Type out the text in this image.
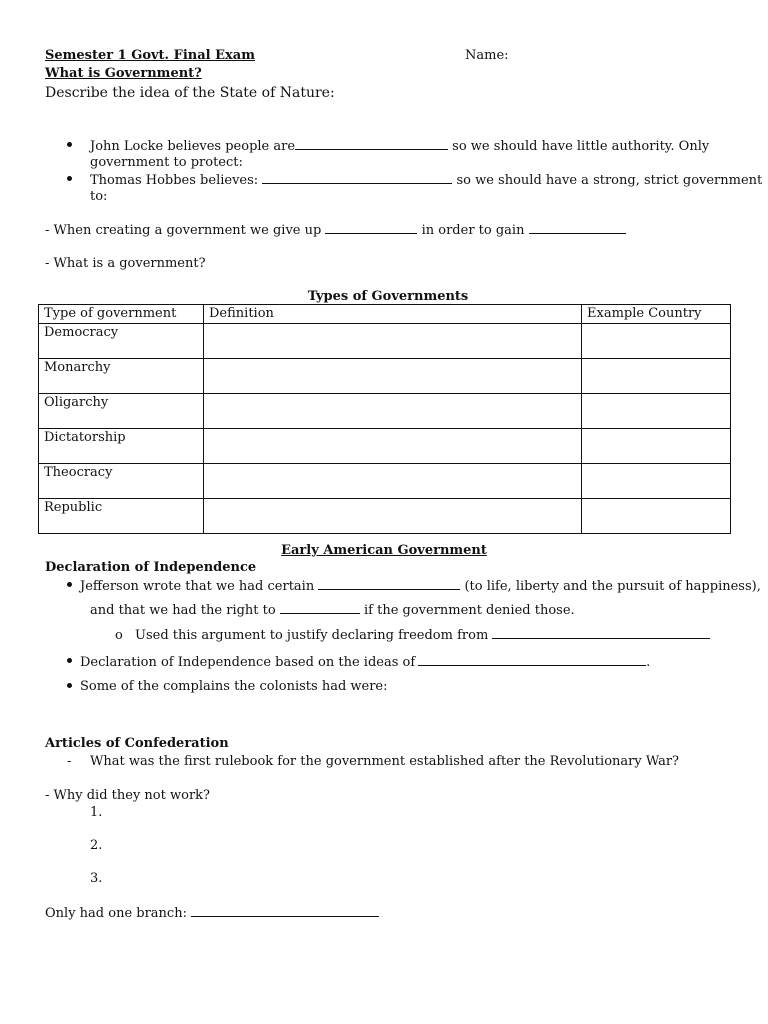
Semester 1 Govt. Final Exam	Name:
What is Government?
Describe the idea of the State of Nature:
John Locke believes people are	so we should have little authority. Only
government to protect:
Thomas Hobbes believes:	so we should have a strong, strict government
to:
- When creating a government we give up	in order to gain
- What is a government?
Types of Governments
Type of government	Definition	Example Country
Democracy		
Monarchy		
Oligarchy		
Dictatorship		
Theocracy		
Republic		
Early American Government
Declaration of Independence
Jefferson wrote that we had certain	(to life, liberty and the pursuit of happiness),
and that we had the right to	if the government denied those.
o Used this argument to justify declaring freedom from
Declaration of Independence based on the ideas of	.
Some of the complains the colonists had were:
Articles of Confederation
- What was the first rulebook for the government established after the Revolutionary War?
- Why did they not work?
1.
2.
3.
Only had one branch:
